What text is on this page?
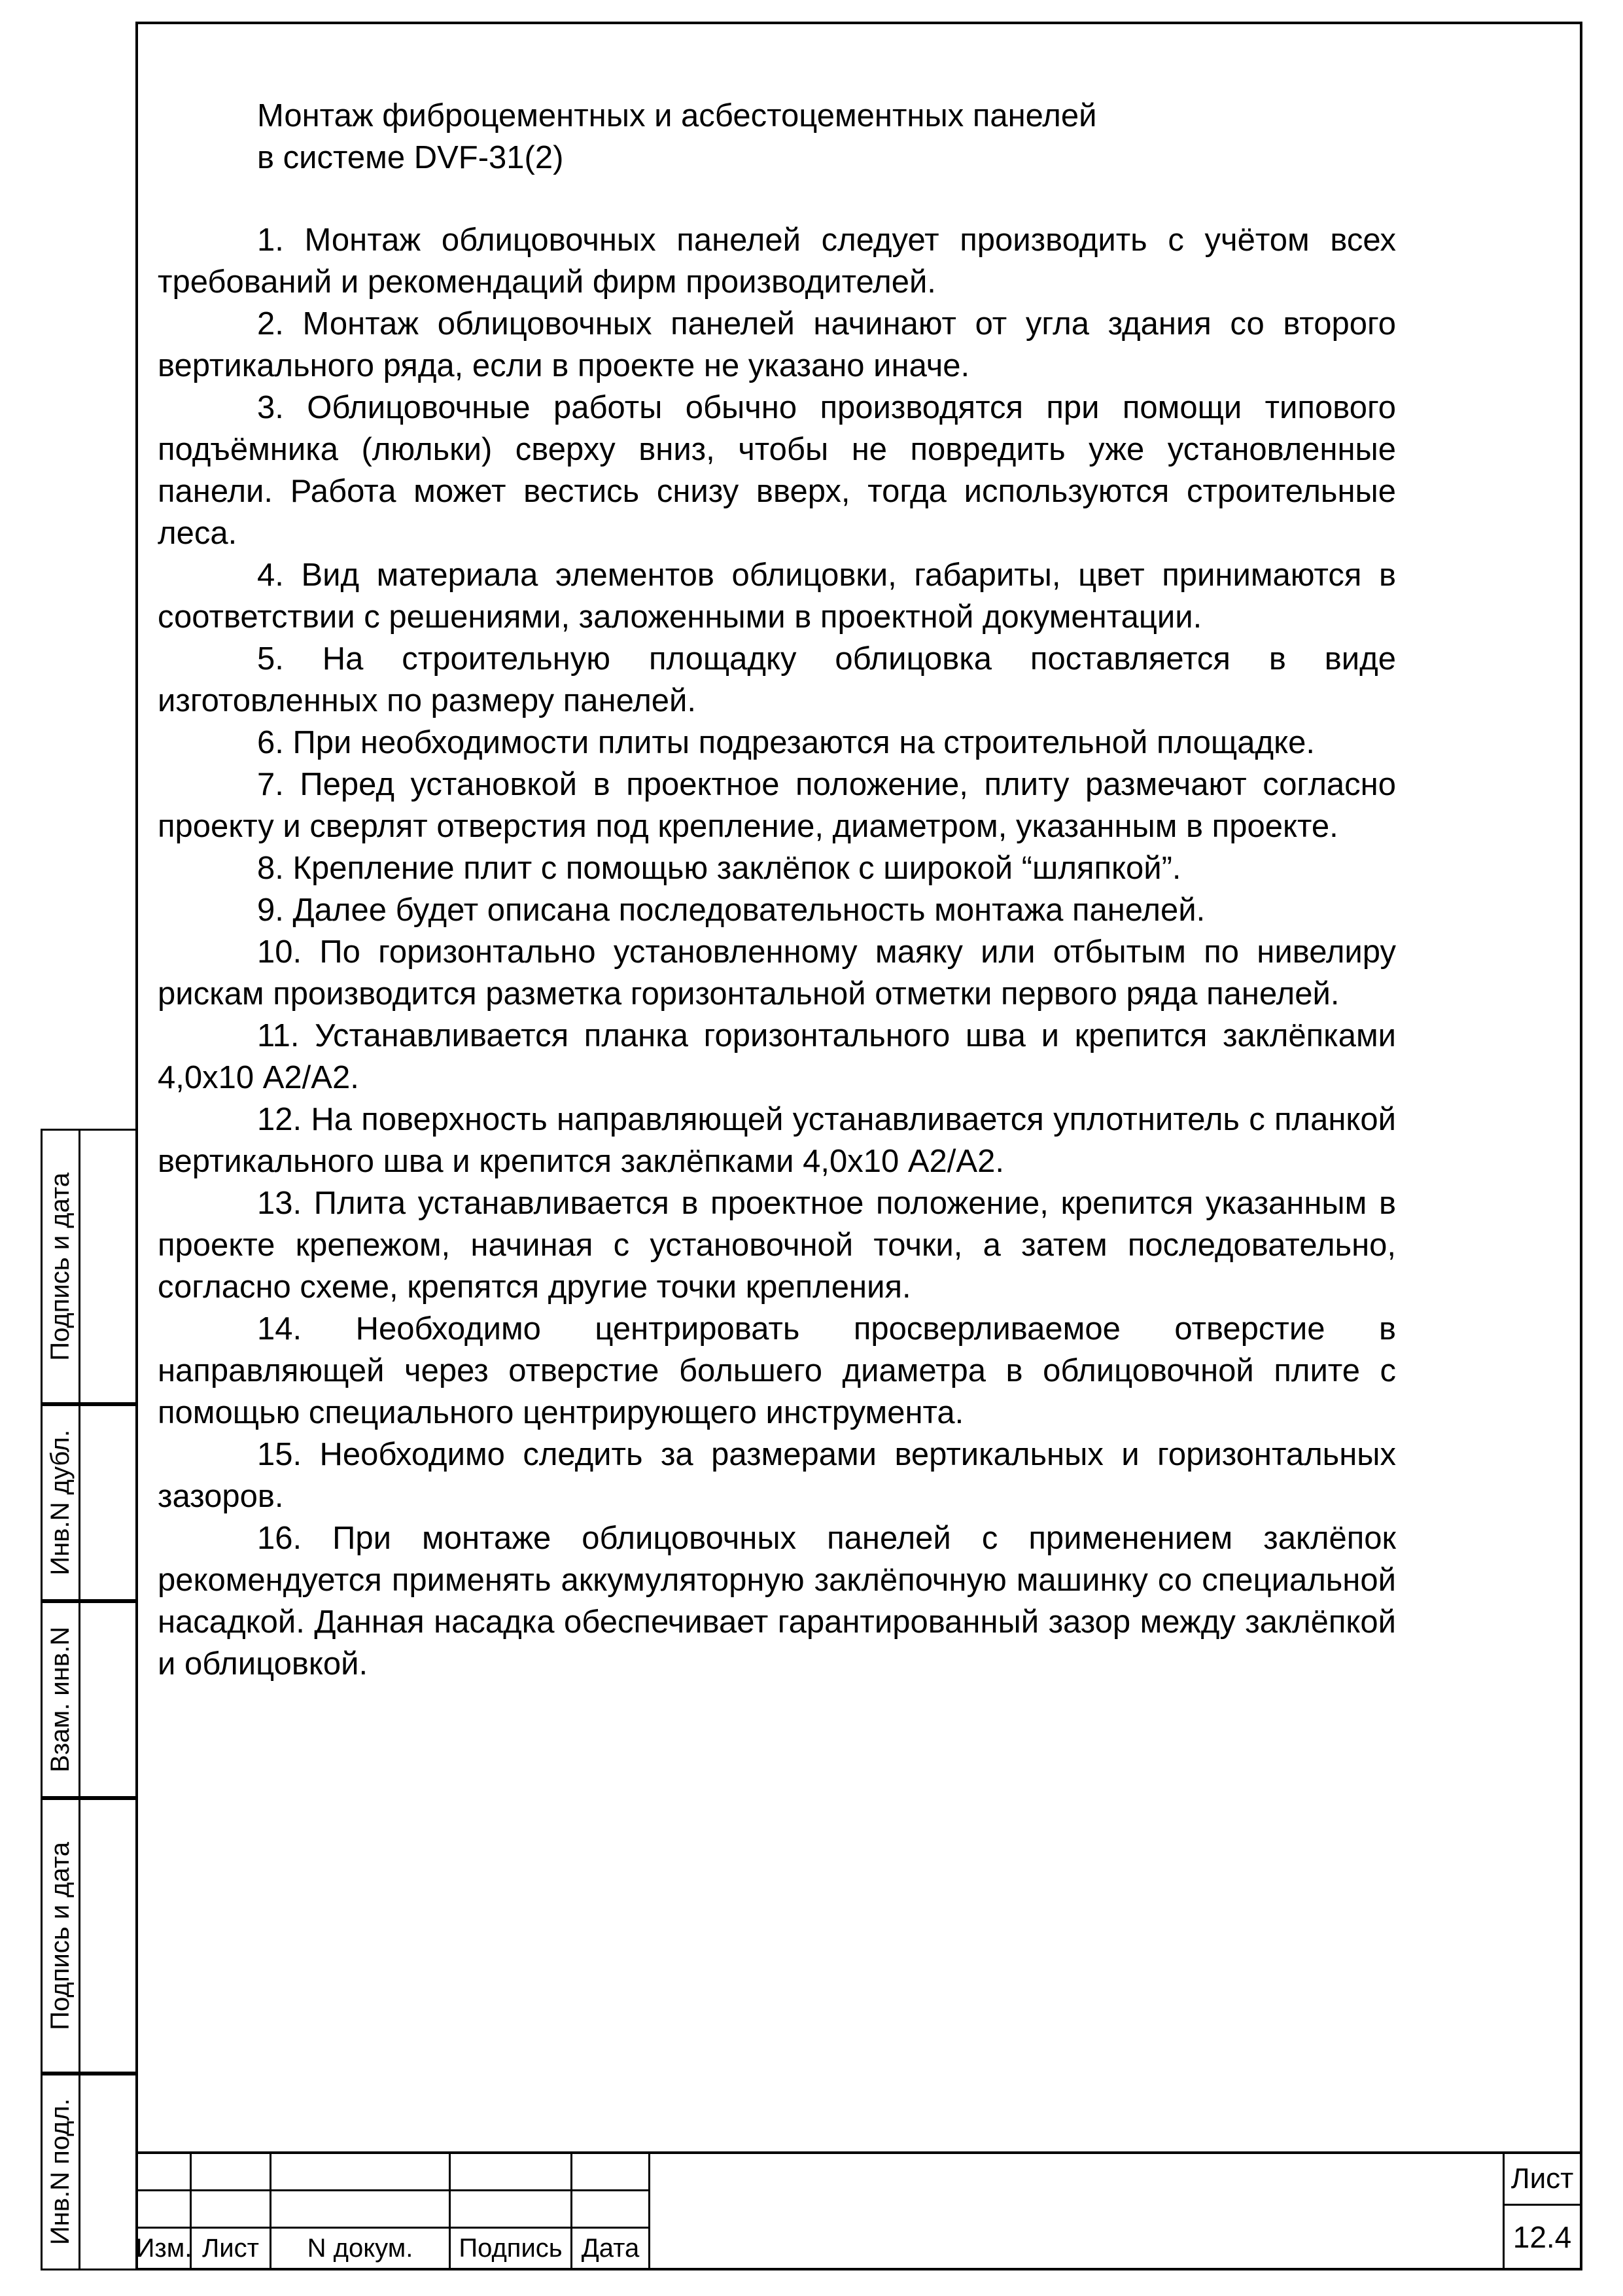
Монтаж фиброцементных и асбестоцементных панелей
в системе DVF-31(2)

1. Монтаж облицовочных панелей следует производить с учётом всех требований и рекомендаций фирм производителей.

2. Монтаж облицовочных панелей начинают от угла здания со второго вертикального ряда, если в проекте не указано иначе.

3. Облицовочные работы обычно производятся при помощи типового подъёмника (люльки) сверху вниз, чтобы не повредить уже установленные панели. Работа может вестись снизу вверх, тогда используются строительные леса.

4. Вид материала элементов облицовки, габариты, цвет принимаются в соответствии с решениями, заложенными в проектной документации.

5. На строительную площадку облицовка поставляется в виде изготовленных по размеру панелей.

6. При необходимости плиты подрезаются на строительной площадке.

7. Перед установкой в проектное положение, плиту размечают согласно проекту и сверлят отверстия под крепление, диаметром, указанным в проекте.

8. Крепление плит с помощью заклёпок с широкой “шляпкой”.

9. Далее будет описана последовательность монтажа панелей.

10. По горизонтально установленному маяку или отбытым по нивелиру рискам производится разметка горизонтальной отметки первого ряда панелей.

11. Устанавливается планка горизонтального шва и крепится заклёпками 4,0х10 А2/А2.

12. На поверхность направляющей устанавливается уплотнитель с планкой вертикального шва и крепится заклёпками 4,0х10 А2/А2.

13. Плита устанавливается в проектное положение, крепится указанным в проекте крепежом, начиная с установочной точки, а затем последовательно, согласно схеме, крепятся другие точки крепления.

14. Необходимо центрировать просверливаемое отверстие в направляющей через отверстие большего диаметра в облицовочной плите с помощью специального центрирующего инструмента.

15. Необходимо следить за размерами вертикальных и горизонтальных зазоров.

16. При монтаже облицовочных панелей с применением заклёпок рекомендуется применять аккумуляторную заклёпочную машинку со специальной насадкой. Данная насадка обеспечивает гарантированный зазор между заклёпкой и облицовкой.

Изм. Лист	N докум.	Подпись Дата
Лист
12.4
Подпись и дата
Инв.N дубл.
Взам. инв.N
Подпись и дата
Инв.N подл.
